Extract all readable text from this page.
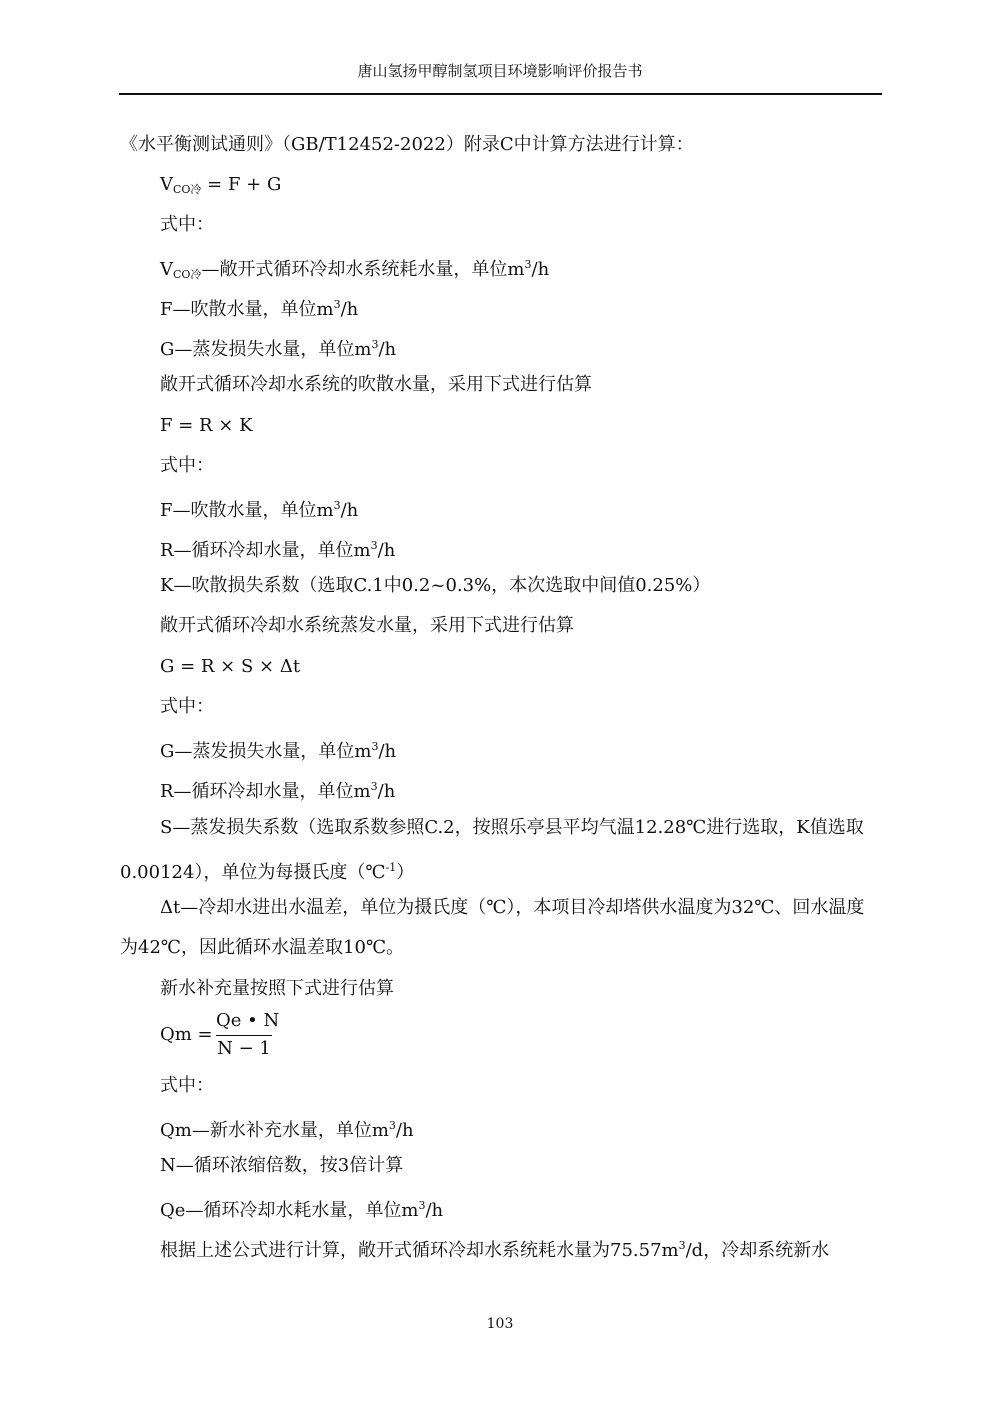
唐山氢扬甲醇制氢项目环境影响评价报告书
《水平衡测试通则》（GB/T12452-2022）附录C中计算方法进行计算：
$V_{CO冷} = F + G$
式中：
$V_{CO冷}—$敞开式循环冷却水系统耗水量，单位$m^3/h$
F—吹散水量，单位$m^3/h$
G—蒸发损失水量，单位$m^3/h$
敞开式循环冷却水系统的吹散水量，采用下式进行估算
F = R × K
式中：
F—吹散水量，单位$m^3/h$
R—循环冷却水量，单位$m^3/h$
K—吹散损失系数（选取C.1中0.2~0.3%，本次选取中间值0.25%）
敞开式循环冷却水系统蒸发水量，采用下式进行估算
G = R × S × Δt
式中：
G—蒸发损失水量，单位$m^3/h$
R—循环冷却水量，单位$m^3/h$
S—蒸发损失系数（选取系数参照C.2，按照乐亭县平均气温12.28℃进行选取，K值选取0.00124），单位为每摄氏度（℃$^{-1}$）
Δt—冷却水进出水温差，单位为摄氏度（℃），本项目冷却塔供水温度为32℃、回水温度为42℃，因此循环水温差取10℃。
新水补充量按照下式进行估算
Qm =
Qe • N
N − 1
式中：
Qm—新水补充水量，单位$m^3/h$
N—循环浓缩倍数，按3倍计算
Qe—循环冷却水耗水量，单位$m^3/h$
根据上述公式进行计算，敞开式循环冷却水系统耗水量为$75.57m^3/d$，冷却系统新水
103
